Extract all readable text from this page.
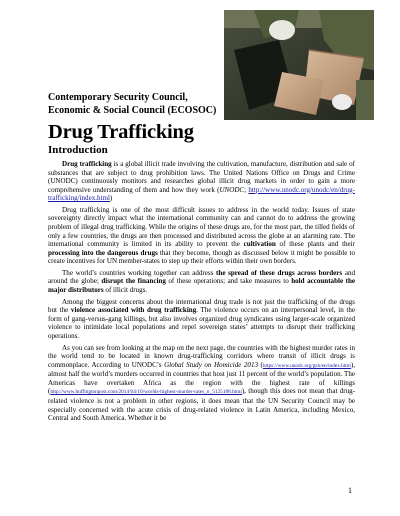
Contemporary Security Council,
Economic & Social Council (ECOSOC)

Drug Trafficking
Introduction

Drug trafficking is a global illicit trade involving the cultivation, manufacture, distribution and sale of substances that are subject to drug prohibition laws. The United Nations Office on Drugs and Crime (UNODC) continuously monitors and researches global illicit drug markets in order to gain a more comprehensive understanding of them and how they work (UNODC; http://www.unodc.org/unodc/en/drug-trafficking/index.html)

Drug trafficking is one of the most difficult issues to address in the world today. Issues of state sovereignty directly impact what the international community can and cannot do to address the growing problem of illegal drug trafficking. While the origins of these drugs are, for the most part, the tilled fields of only a few countries, the drugs are then processed and distributed across the globe at an alarming rate. The international community is limited in its ability to prevent the cultivation of these plants and their processing into the dangerous drugs that they become, though as discussed below it might be possible to create incentives for UN member-states to step up their efforts within their own borders.

The world’s countries working together can address the spread of these drugs across borders and around the globe; disrupt the financing of these operations; and take measures to hold accountable the major distributors of illicit drugs.

Among the biggest concerns about the international drug trade is not just the trafficking of the drugs but the violence associated with drug trafficking. The violence occurs on an interpersonal level, in the form of gang-versus-gang killings, but also involves organized drug syndicates using larger-scale organized violence to intimidate local populations and repel sovereign states’ attempts to disrupt their trafficking operations.

As you can see from looking at the map on the next page, the countries with the highest murder rates in the world tend to be located in known drug-trafficking corridors where transit of illicit drugs is commonplace. According to UNODC’s Global Study on Homicide 2013 (https://www.unodc.org/gsh/en/index.html), almost half the world’s murders occurred in countries that host just 11 percent of the world’s population. The Americas have overtaken Africa as the region with the highest rate of killings (http://www.huffingtonpost.com/2014/04/10/worlds-highest-murder-rates_n_5125188.html), though this does not mean that drug-related violence is not a problem in other regions, it does mean that the UN Security Council may be especially concerned with the acute crisis of drug-related violence in Latin America, including Mexico, Central and South America. Whether it be

1
